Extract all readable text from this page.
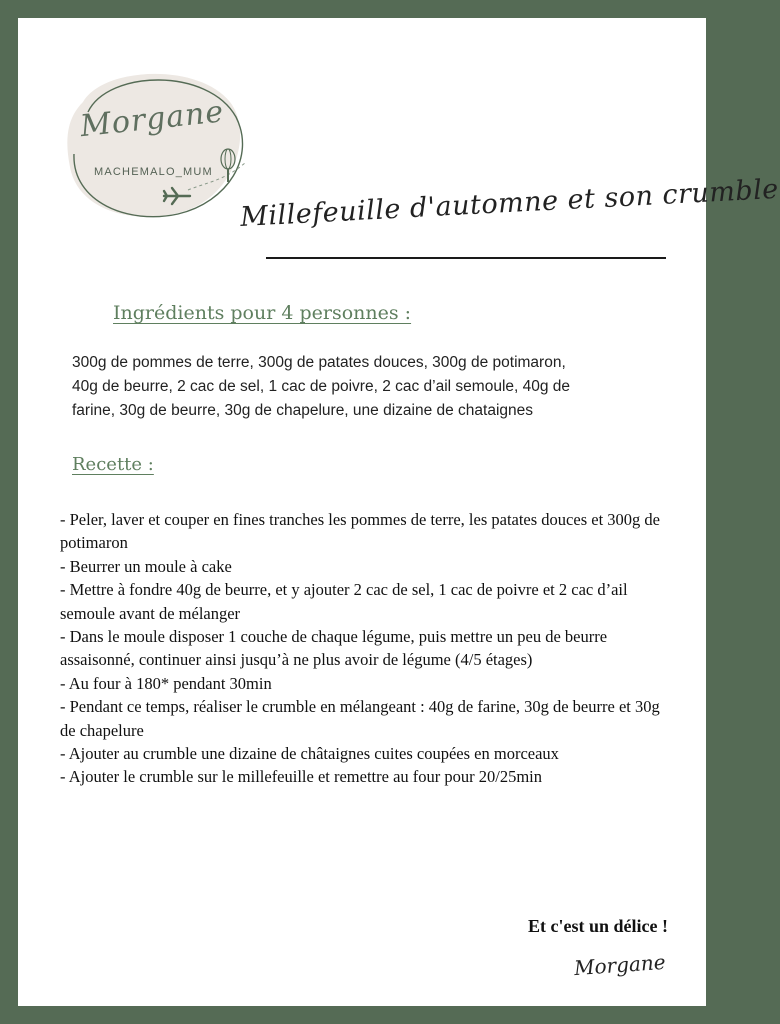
Morgane
MACHEMALO_MUM
Millefeuille d'automne et son crumble
Ingrédients pour 4 personnes :
300g de pommes de terre, 300g de patates douces, 300g de potimaron,
40g de beurre, 2 cac de sel, 1 cac de poivre, 2 cac d’ail semoule, 40g de
farine, 30g de beurre, 30g de chapelure, une dizaine de chataignes
Recette :
- Peler, laver et couper en fines tranches les pommes de terre, les patates douces et 300g de potimaron
- Beurrer un moule à cake
- Mettre à fondre 40g de beurre, et y ajouter 2 cac de sel, 1 cac de poivre et 2 cac d’ail semoule avant de mélanger
- Dans le moule disposer 1 couche de chaque légume, puis mettre un peu de beurre assaisonné, continuer ainsi jusqu’à ne plus avoir de légume (4/5 étages)
- Au four à 180* pendant 30min
- Pendant ce temps, réaliser le crumble en mélangeant : 40g de farine, 30g de beurre et 30g de chapelure
- Ajouter au crumble une dizaine de châtaignes cuites coupées en morceaux
- Ajouter le crumble sur le millefeuille et remettre au four pour 20/25min
Et c'est un délice !
Morgane
